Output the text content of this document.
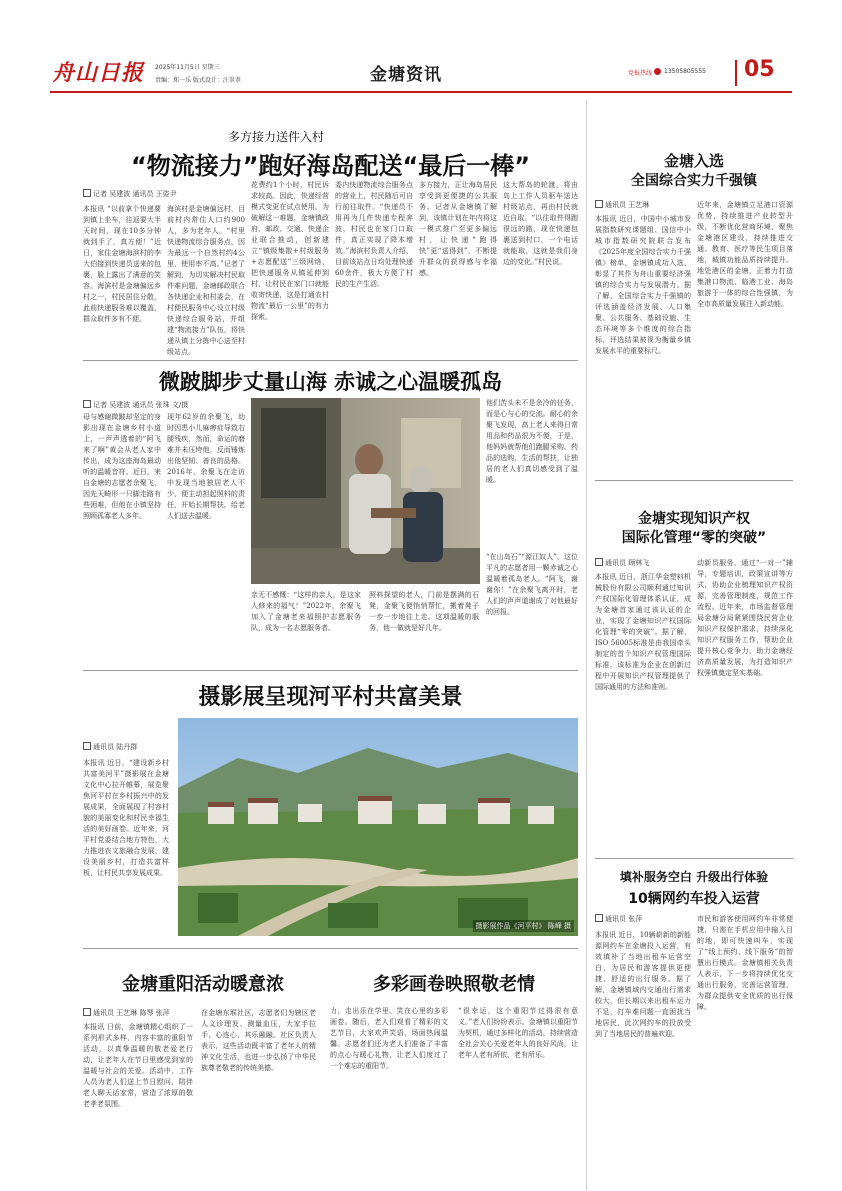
舟山日报 2025年11月5日 星期三
责编：郑一乐 版式设计：汪翠翠	金塘资讯	党报热线 13505805555 05
多方接力送件入村
“物流接力”跑好海岛配送“最后一棒”
记者 吴建波 通讯员 王姿尹
本报讯 “以前拿个快递要到镇上坐车，往返要大半天时间，现在10多分钟就到手了，真方便！”近日，家住金塘海滨村的李大伯接到快递员送来的包裹，脸上露出了满意的笑容。海滨村是金塘偏远乡村之一，村民居住分散，此前快递服务难以覆盖，群众取件多有不便。
海滨村是金塘偏远村，目前村内常住人口约900人，多为老年人。“村里快递物流综合服务点，因为最远一个自然村约4公里，使用率不高。”记者了解到，为切实解决村民取件难问题，金塘邮政联合各快递企业和村委会，在村便民服务中心设立村级快递综合服务站，并组建“物流接力”队伍，将快递从镇上分拣中心送至村级站点。
花费约1个小时，村民诉求较高。因此，快递经营模式变更在试点使用。为破解这一难题，金塘镇政府、邮政、交通、快递企业联合推动，创新建立“镇级集散+村级服务+志愿配送”三级网络，把快递服务从镇延伸到村，让村民在家门口就能收寄快递，这是打通农村物流“最后一公里”的有力探索。
委内快递物流综合服务点的营业上，村民随后可自行前往取件。“快递员不用再为几件快递专程奔波，村民也在家门口取件，真正实现了降本增效。”海滨村负责人介绍，目前该站点日均处理快递60余件，极大方便了村民的生产生活。
多方接力，正让海岛居民享受到更便捷的公共服务。记者从金塘镇了解到，该镇计划在年内将这一模式推广至更多偏远村，让快递“跑得快”更“送得到”，不断提升群众的获得感与幸福感。
这大帮岛的轮渡，将由岛上工作人员驱车送达村级站点，再由村民就近自取。“以往取件得跑很远的路，现在快递包裹送到村口，一个电话就能取，这就是我们身边的变化。”村民说。
金塘入选
全国综合实力千强镇
通讯员 王艺琳
本报讯 近日，中国中小城市发展指数研究课题组、国信中小城市指数研究院联合发布《2025年度全国综合实力千强镇》榜单，金塘镇成功入选，彰显了其作为舟山重要经济强镇的综合实力与发展潜力。据了解，全国综合实力千强镇的评选涵盖经济发展、人口集聚、公共服务、基础设施、生态环境等多个维度的综合指标，评选结果被视为衡量乡镇发展水平的重要标尺。
近年来，金塘镇立足港口资源优势，持续推进产业转型升级，不断优化营商环境，聚焦金塘港区建设，持续推进交通、教育、医疗等民生项目落地，城镇功能品质持续提升。地处港区的金塘，正着力打造集港口物流、临港工业、海岛旅游于一体的综合性强镇，为全市高质量发展注入新动能。
微跛脚步丈量山海 赤诚之心温暖孤岛
记者 吴建波 通讯员 张珠 文/摄
母与感谢微跛却坚定的身影出现在金塘乡村小道上，一声声透着的“阿飞来了啊”黄会从老人家中传出，成为这座海岛最动听的温暖音符。近日，来自金塘的志愿者余聚飞，因先天畸形一只脚走路有些困难，但他在小镇坚持照顾孤寡老人多年。
现年62岁的余聚飞，幼时因患小儿麻痹症导致右腿残疾，然而，命运的磨难并未压垮他，反而锤炼出他坚韧、善良的品格。2016年，余聚飞在走访中发现当地独居老人不少，便主动担起照料的责任，开始长期帮扶，给老人们送去温暖。
亲无不感慨：“这样的亲人，是这家人修来的福气！”2022年，余聚飞加入了金塘老来福照护志愿服务队，成为一名志愿服务者。
照料探望的老人，门前是摆满的石凳，金聚飞便悄悄帮忙，搬着凳子一步一步地往上走。这项温暖的服务，他一做就是好几年。
他们苦头未不是余冷的任务，而是心与心的交流。耐心的余聚飞发现，高上老人来得日常用品和药品很为不便，于是，他妈妈就帮他们跑腿采购。药品的选购，生活的帮扶，让独居的老人们真切感受到了温暖。
“在山岛石”“源江奴人”，这位平凡的志愿者用一颗赤诚之心温暖着孤岛老人。“阿飞，谢谢你！”在余聚飞离开时，老人们的声声道谢成了对他最好的回报。
金塘实现知识产权
国际化管理“零的突破”
通讯员 顾林飞
本报讯 近日，浙江华金塑料机械股份有限公司顺利通过知识产权国际化管理体系认证，成为金塘首家通过该认证的企业，实现了金塘知识产权国际化管理“零的突破”。据了解，ISO 56005标准是由我国牵头制定的首个知识产权管理国际标准，该标准为企业在创新过程中开展知识产权管理提供了国际通用的方法和准则。
动新员服务，通过“一对一”辅导，专题培训，政策宣讲等方式，协助企业梳理知识产权资源，完善管理制度，规范工作流程。近年来，市场监督管理局金塘分局紧紧围绕民营企业知识产权保护需求，持续深化知识产权服务工作，帮助企业提升核心竞争力，助力金塘经济高质量发展，为打造知识产权强镇奠定坚实基础。
摄影展呈现河平村共富美景
通讯员 陆丹群
本报讯 近日，“建设新乡村共富美河平”摄影展在金塘文化中心拉开帷幕，展览聚焦河平村在乡村振兴中的发展成果，全面展现了村容村貌的美丽变化和村民幸福生活的美好画卷。近年来，河平村党委结合地方特色，大力推进农文旅融合发展，建设美丽乡村，打造共富样板，让村民共享发展成果。
摄影展作品《河平村》 陈峰 摄
填补服务空白 升级出行体验
10辆网约车投入运营
通讯员 张萍
本报讯 近日，10辆崭新的新能源网约车在金塘投入运营，有效填补了当地出租车运营空白，为居民和游客提供更便捷、舒适的出行服务。据了解，金塘镇域内交通出行需求较大，但长期以来出租车运力不足，打车难问题一直困扰当地居民，此次网约车的投放受到了当地居民的普遍欢迎。
市民和游客使用网约车非常便捷，只需在手机应用中输入目的地，即可快速叫车，实现了“线上预约、线下服务”的智慧出行模式。金塘镇相关负责人表示，下一步将持续优化交通出行服务，完善运营管理，为群众提供安全优质的出行保障。
金塘重阳活动暖意浓
通讯员 王艺琳 陈琴 张萍
本报讯 日前，金塘镇精心组织了一系列形式多样、内容丰富的重阳节活动，以真挚温暖的敬老爱老行动，让老年人在节日里感受到家的温暖与社会的关爱。活动中，工作人员为老人们送上节日慰问，陪伴老人聊天话家常，营造了浓厚的敬老孝老氛围。
在金塘东堠社区，志愿者们为辖区老人义诊理发、测量血压，大家手拉手、心连心，其乐融融。社区负责人表示，这些活动既丰富了老年人的精神文化生活，也进一步弘扬了中华民族尊老敬老的传统美德。
多彩画卷映照敬老情
力，走出乐在学里、笑在心里的多彩画卷。随后，老人们观看了精彩的文艺节目，大家欢声笑语，场面热闹温馨。志愿者们还为老人们准备了丰富的点心与暖心礼物，让老人们度过了一个难忘的重阳节。
“很幸运，这个重阳节过得很有意义。”老人们纷纷表示。金塘镇以重阳节为契机，通过多样化的活动，持续营造全社会关心关爱老年人的良好风尚，让老年人老有所依、老有所乐。
